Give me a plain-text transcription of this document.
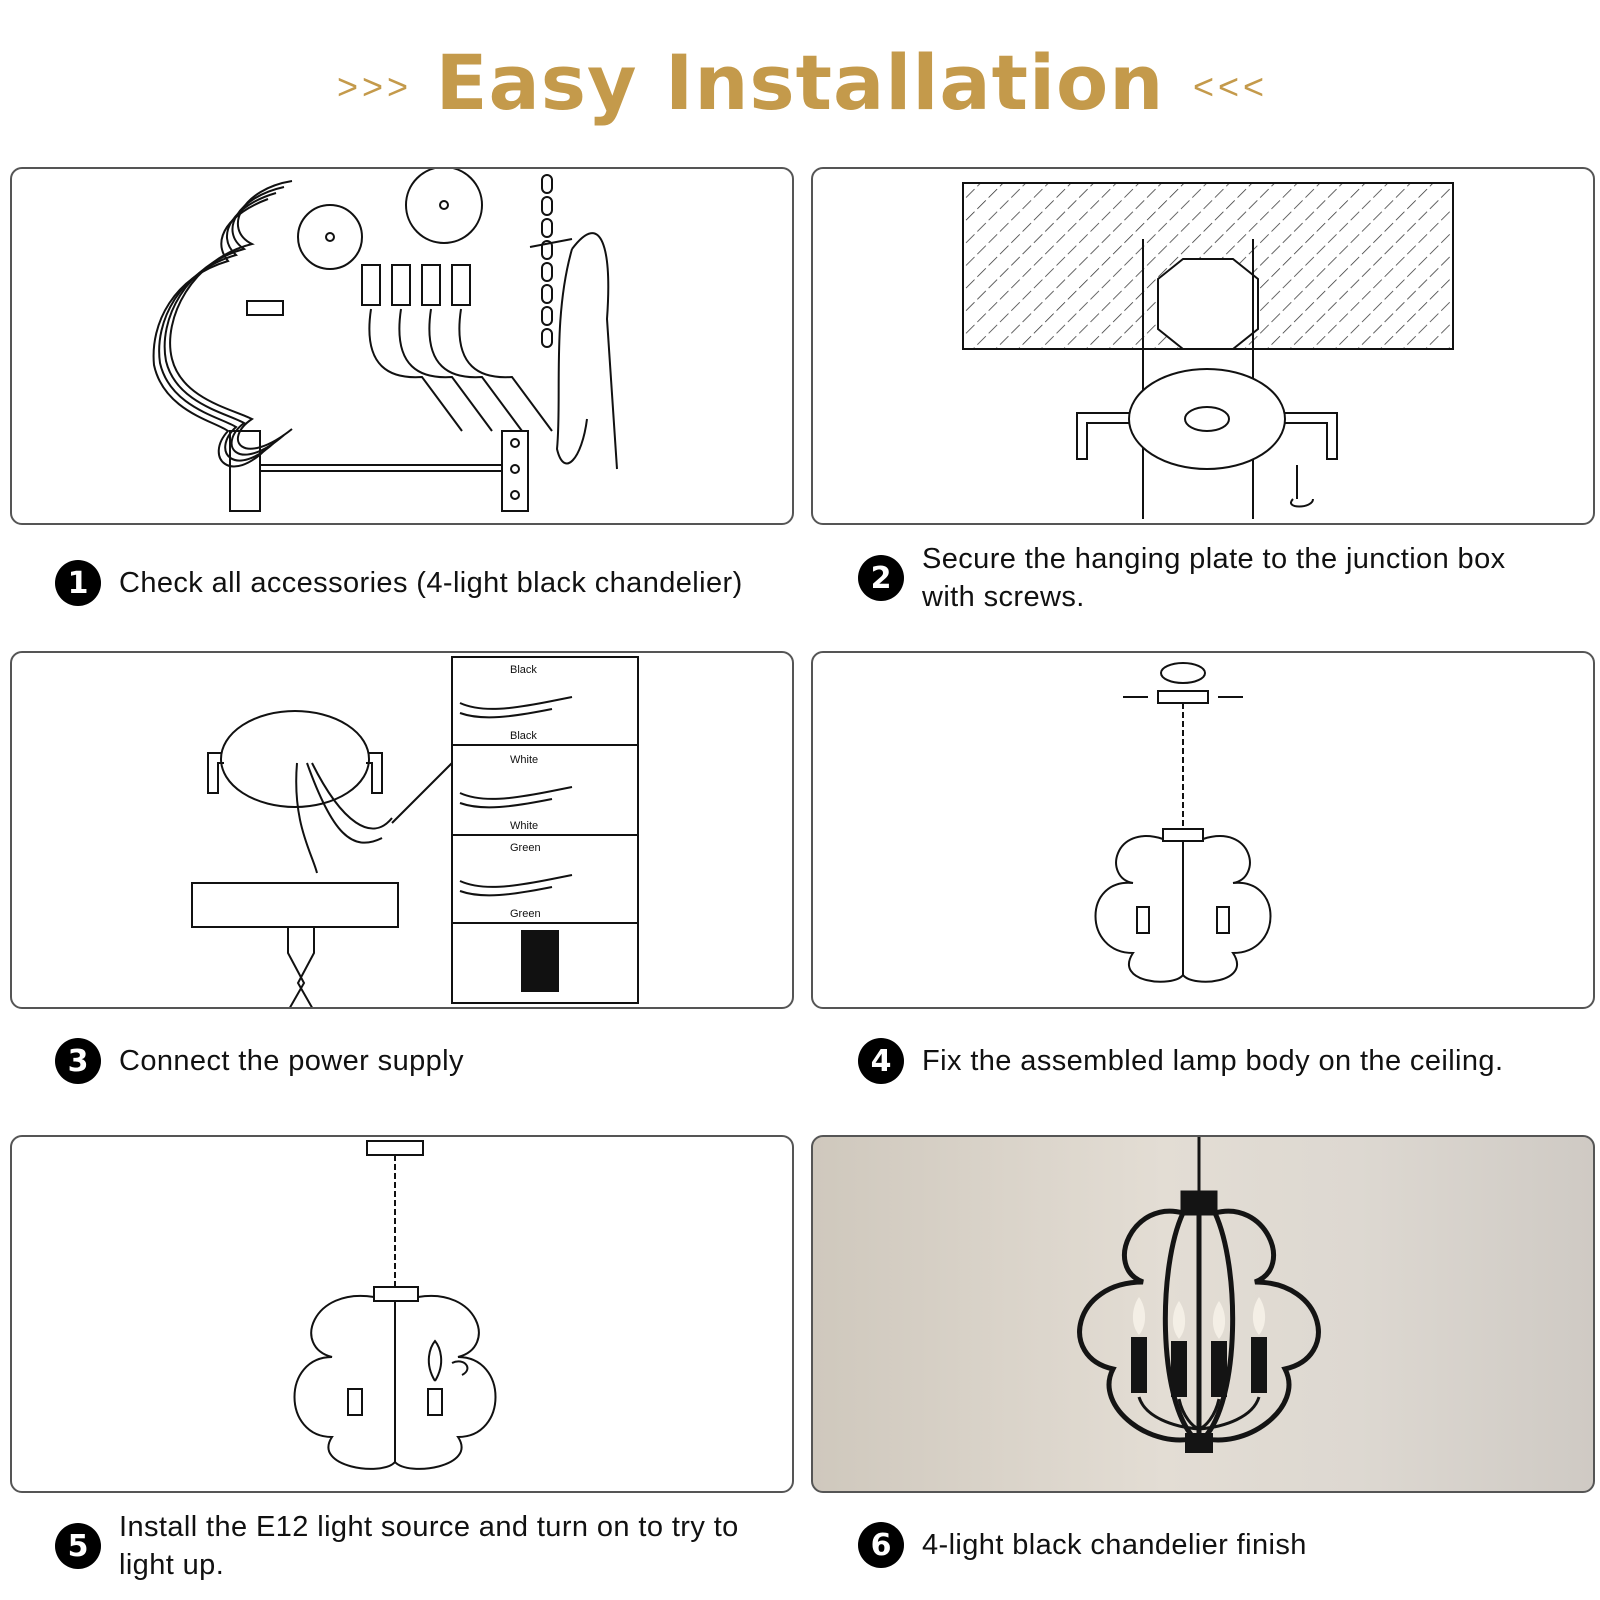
>>> Easy Installation <<<
Black
Black
White
White
Green
Green
1	Check all accessories (4-light black chandelier)	2
Secure the hanging plate to the junction box with screws.
3	Connect the power supply	4	Fix the assembled lamp body on the ceiling.
5
Install the E12 light source and turn on to try to light up.
6	4-light black chandelier finish
